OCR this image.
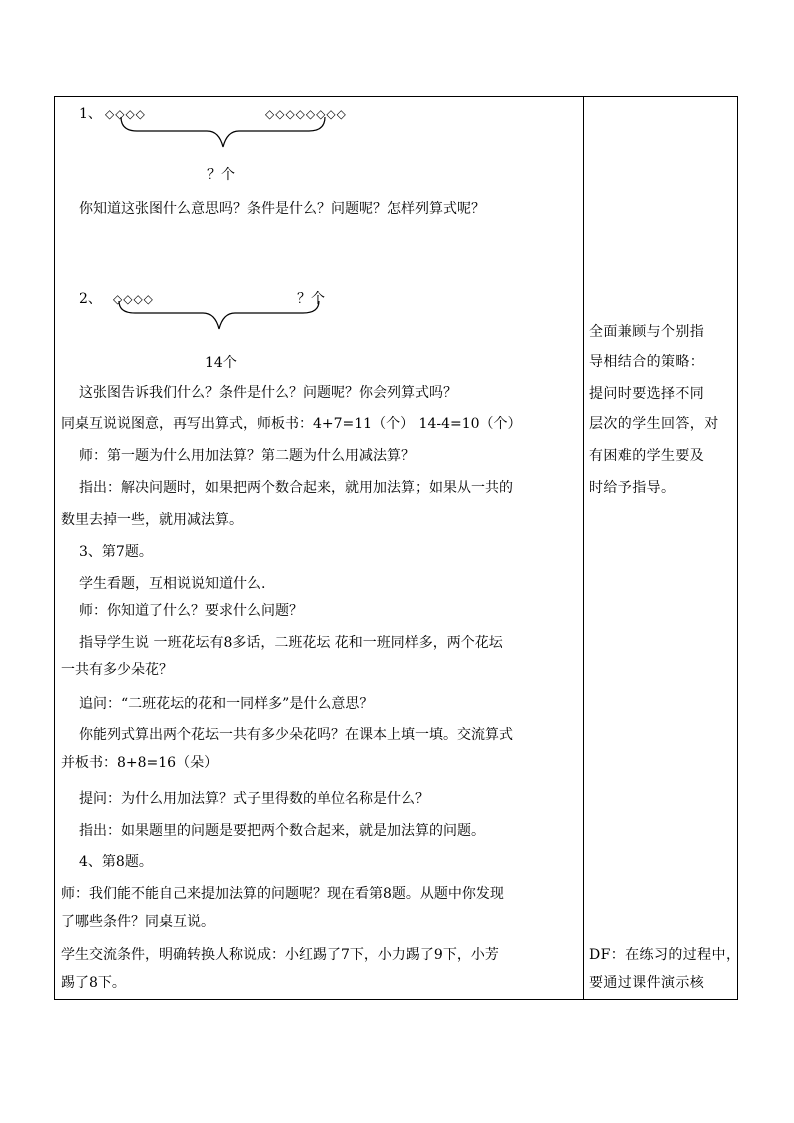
1、 ◇◇◇◇	◇◇◇◇◇◇◇◇
？个
你知道这张图什么意思吗？条件是什么？问题呢？怎样列算式呢？
2、 ◇◇◇◇	？个
14个
这张图告诉我们什么？条件是什么？问题呢？你会列算式吗？
同桌互说说图意，再写出算式，师板书：4+7=11（个） 14-4=10（个）
师：第一题为什么用加法算？第二题为什么用减法算？
指出：解决问题时，如果把两个数合起来，就用加法算；如果从一共的
数里去掉一些，就用减法算。
3、第7题。
学生看题，互相说说知道什么.
师：你知道了什么？要求什么问题？
指导学生说 一班花坛有8多话，二班花坛 花和一班同样多，两个花坛
一共有多少朵花？
追问：“二班花坛的花和一同样多”是什么意思？
你能列式算出两个花坛一共有多少朵花吗？在课本上填一填。交流算式
并板书：8+8=16（朵）
提问：为什么用加法算？式子里得数的单位名称是什么？
指出：如果题里的问题是要把两个数合起来，就是加法算的问题。
4、第8题。
师：我们能不能自己来提加法算的问题呢？现在看第8题。从题中你发现
了哪些条件？同桌互说。
学生交流条件，明确转换人称说成：小红踢了7下，小力踢了9下，小芳
踢了8下。
全面兼顾与个别指
导相结合的策略：
提问时要选择不同
层次的学生回答，对
有困难的学生要及
时给予指导。
DF：在练习的过程中，
要通过课件演示核
